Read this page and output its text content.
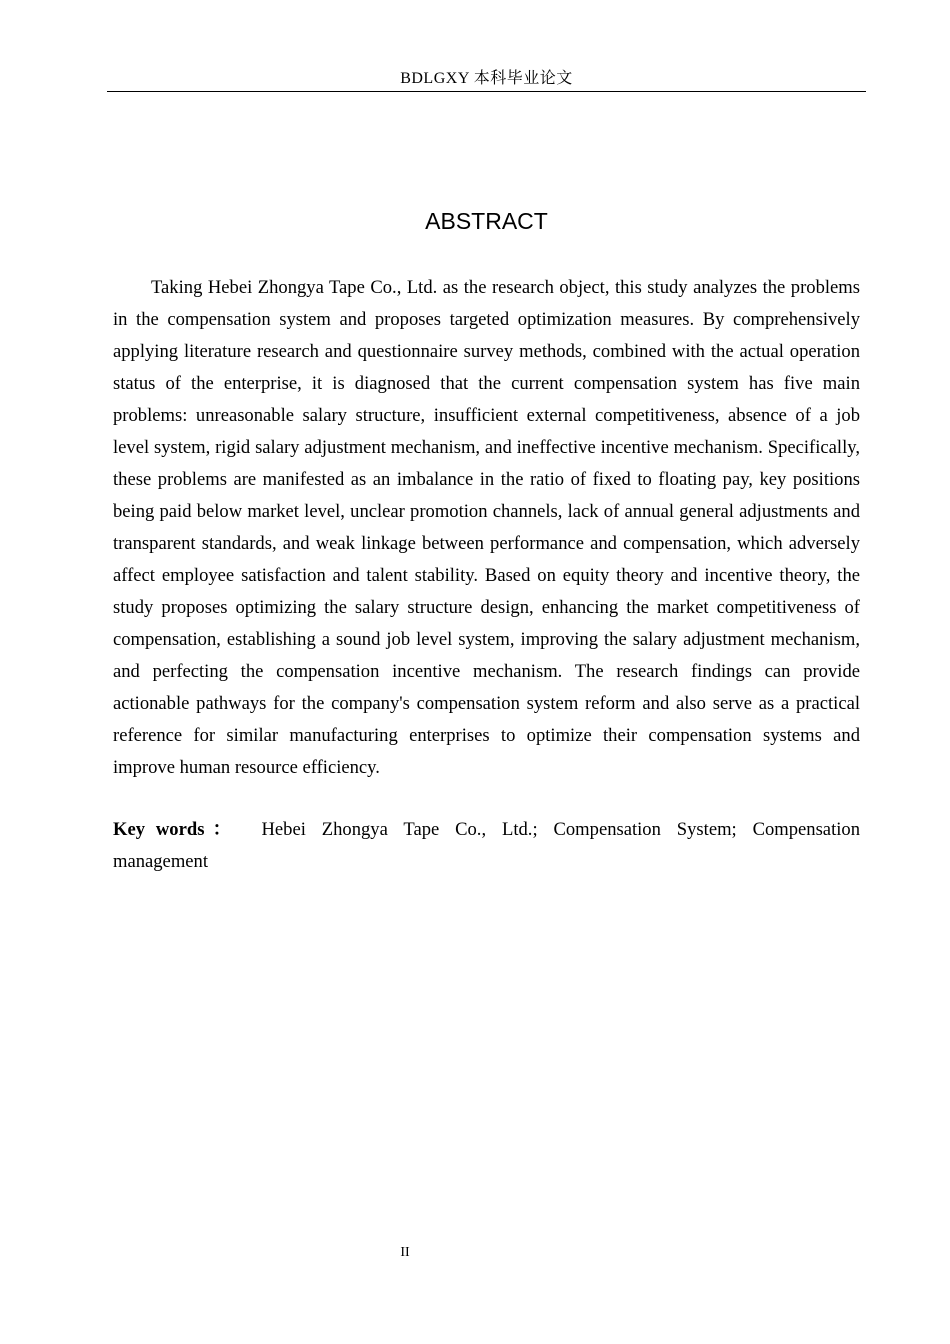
BDLGXY 本科毕业论文
ABSTRACT

Taking Hebei Zhongya Tape Co., Ltd. as the research object, this study analyzes the problems in the compensation system and proposes targeted optimization measures. By comprehensively applying literature research and questionnaire survey methods, combined with the actual operation status of the enterprise, it is diagnosed that the current compensation system has five main problems: unreasonable salary structure, insufficient external competitiveness, absence of a job level system, rigid salary adjustment mechanism, and ineffective incentive mechanism. Specifically, these problems are manifested as an imbalance in the ratio of fixed to floating pay, key positions being paid below market level, unclear promotion channels, lack of annual general adjustments and transparent standards, and weak linkage between performance and compensation, which adversely affect employee satisfaction and talent stability. Based on equity theory and incentive theory, the study proposes optimizing the salary structure design, enhancing the market competitiveness of compensation, establishing a sound job level system, improving the salary adjustment mechanism, and perfecting the compensation incentive mechanism. The research findings can provide actionable pathways for the company's compensation system reform and also serve as a practical reference for similar manufacturing enterprises to optimize their compensation systems and improve human resource efficiency.

Key words ： Hebei Zhongya Tape Co., Ltd.; Compensation System; Compensation management

II
